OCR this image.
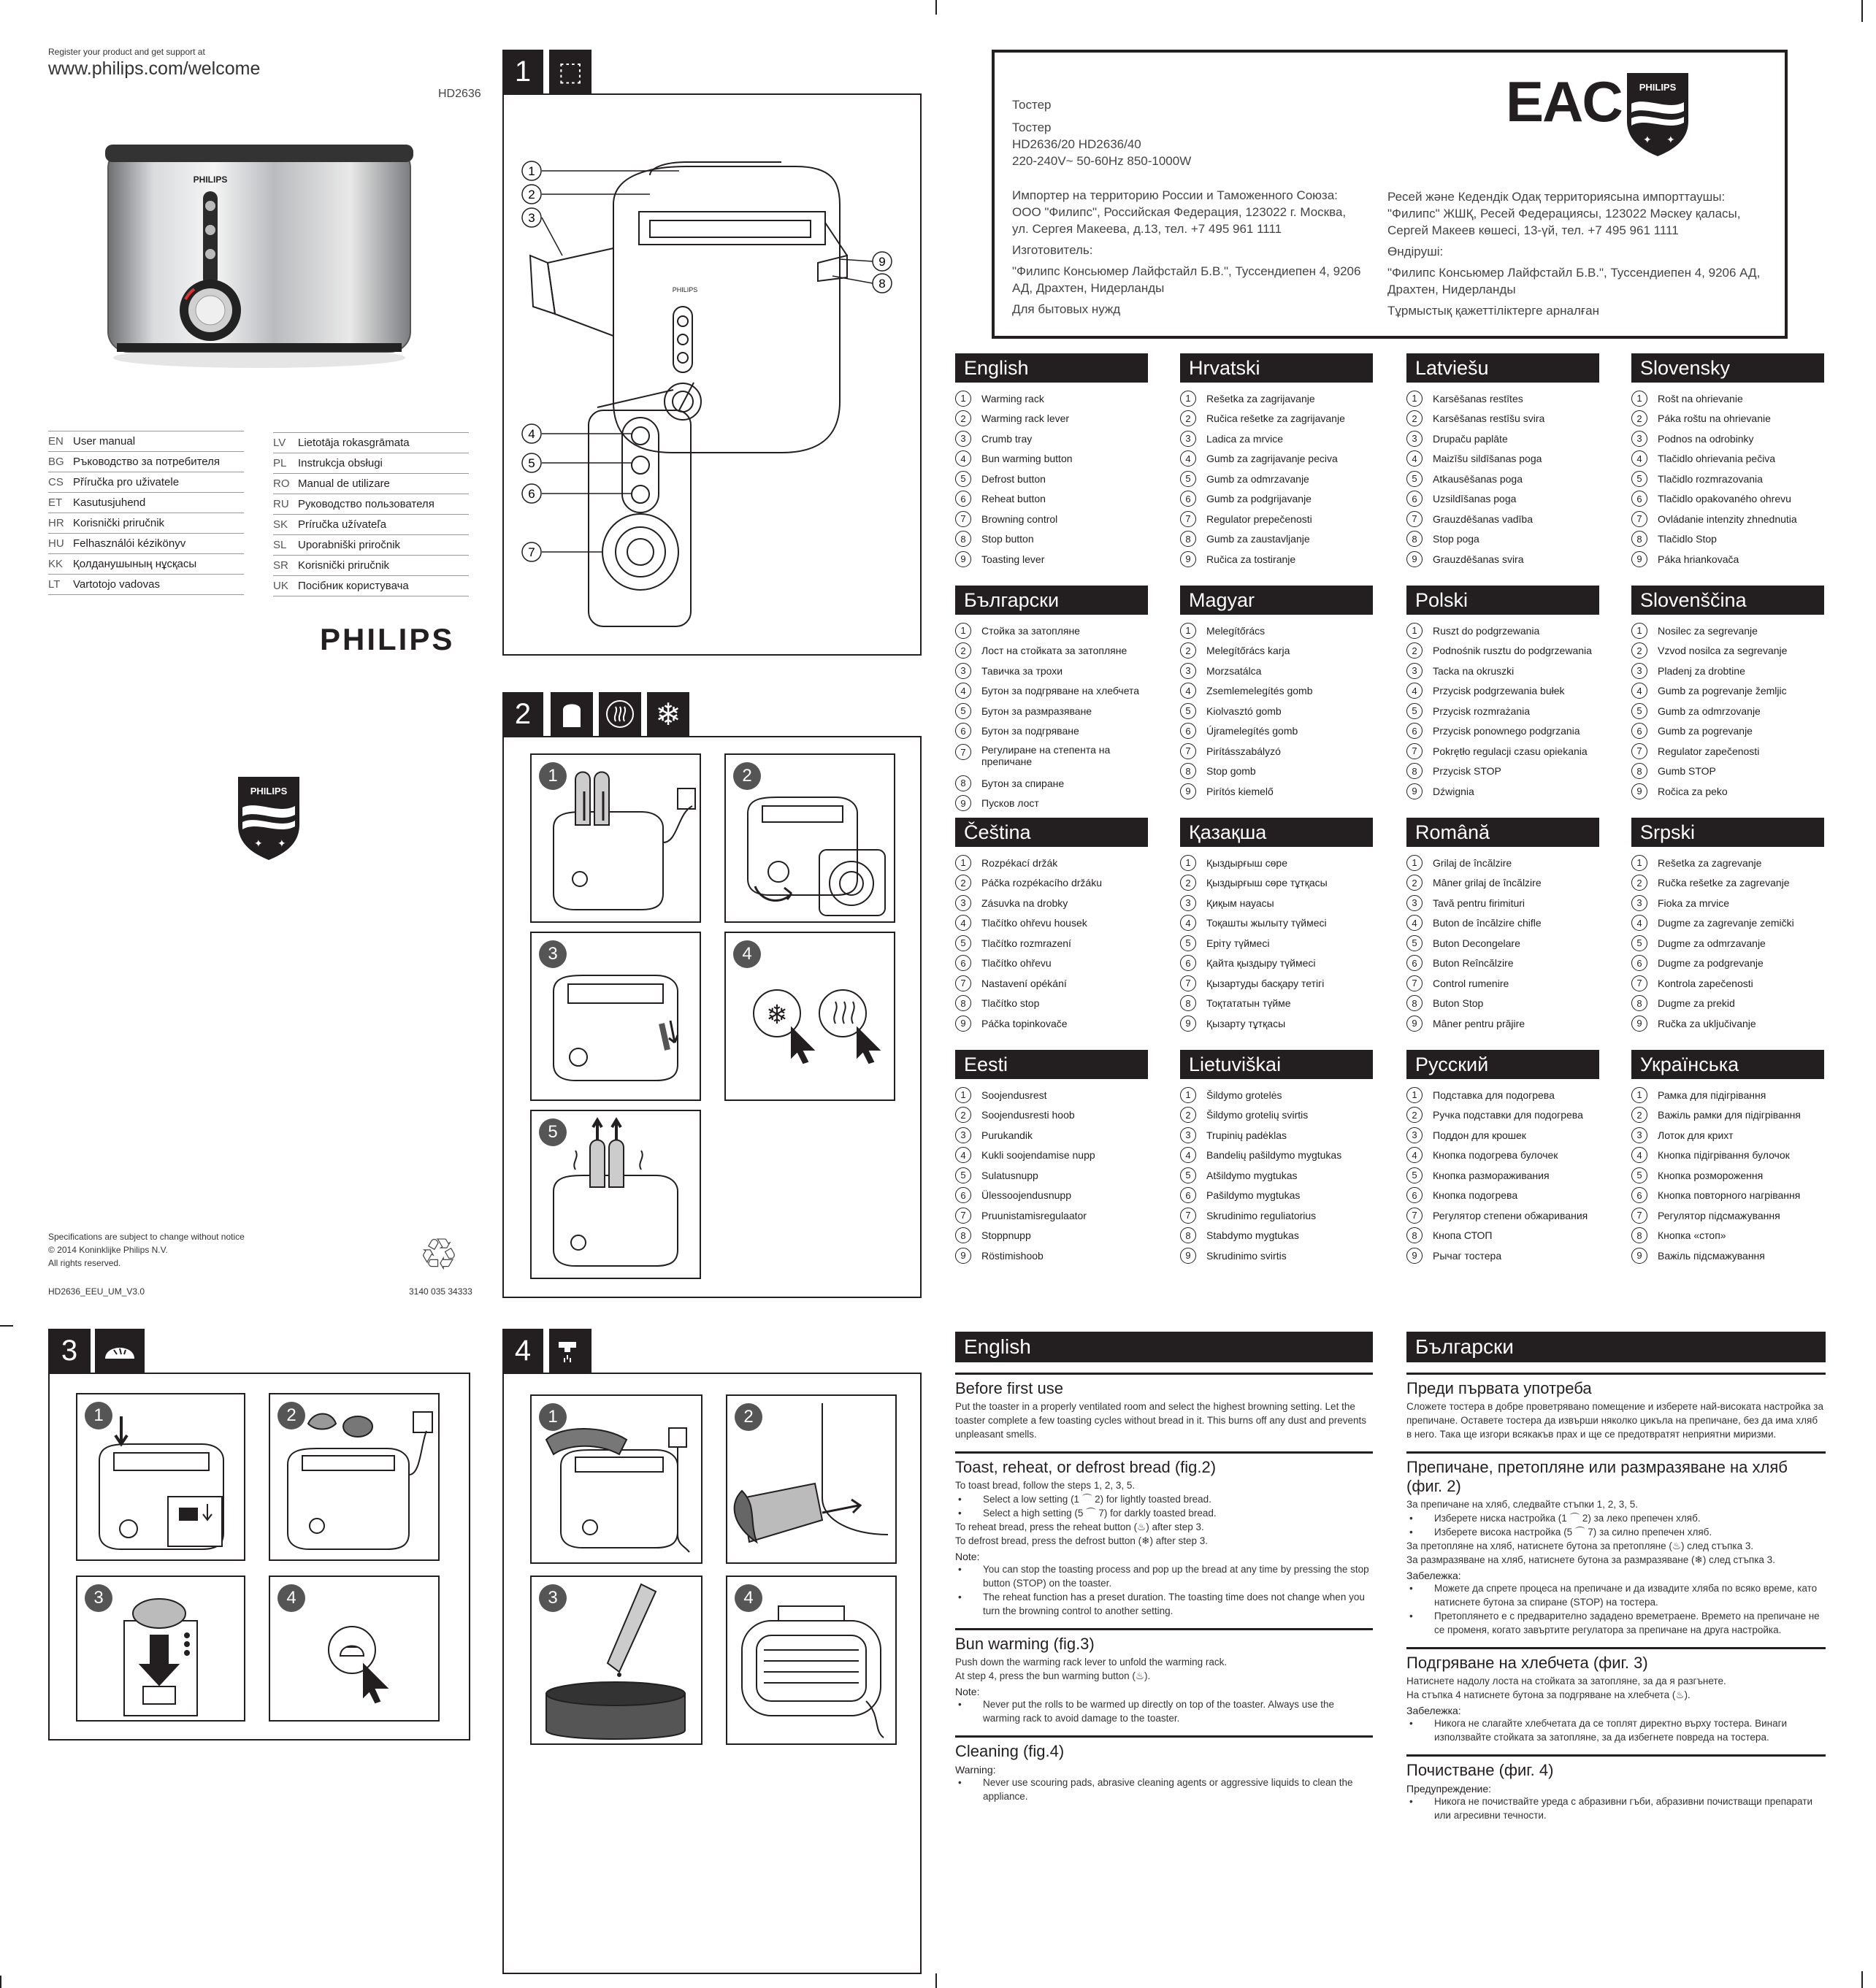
Register your product and get support at
www.philips.com/welcome
HD2636
PHILIPS
EN User manual
BG Ръководство за потребителя
CS Příručka pro uživatele
ET Kasutusjuhend
HR Korisnički priručnik
HU Felhasználói kézikönyv
KK Қолданушының нұсқасы
LT	Vartotojo vadovas
LV	Lietotāja rokasgrāmata
PL	Instrukcja obsługi
RO Manual de utilizare
RU Руководство пользователя
SK Príručka užívateľa
SL	Uporabniški priročnik
SR Korisnički priručnik
UK Посібник користувача
PHILIPS
PHILIPS
✦ ✦
Specifications are subject to change without notice
© 2014 Koninklijke Philips N.V.
All rights reserved.	♲
HD2636_EEU_UM_V3.0	3140 035 34333
1	⬚
1
2
3
4
5
6
7
8
9
PHILIPS
2	❄
1	2
3	4
❄
5
3
1	2
3	4
4
1	2
3	4
Тостер
Тостер
HD2636/20 HD2636/40
220-240V~ 50-60Hz 850-1000W
Импортер на территорию России и Таможенного Союза:
ООО "Филипс", Российская Федерация, 123022 г. Москва,
ул. Сергея Макеева, д.13, тел. +7 495 961 1111
Изготовитель:
"Филипс Консьюмер Лайфстайл Б.В.", Туссендиепен 4, 9206
АД, Драхтен, Нидерланды
Для бытовых нужд
Ресей және Кедендік Одақ территориясына импорттаушы:
"Филипс" ЖШҚ, Ресей Федерациясы, 123022 Мәскеу қаласы,
Сергей Макеев көшесі, 13-үй, тел. +7 495 961 1111
Өндіруші:
"Филипс Консьюмер Лайфстайл Б.В.", Туссендиепен 4, 9206 АД,
Драхтен, Нидерланды
Тұрмыстық қажеттіліктерге арналған
EAC PHILIPS
✦ ✦
English
1	Warming rack
2	Warming rack lever
3	Crumb tray
4	Bun warming button
5	Defrost button
6	Reheat button
7	Browning control
8	Stop button
9	Toasting lever
Hrvatski
1	Rešetka za zagrijavanje
2	Ručica rešetke za zagrijavanje
3	Ladica za mrvice
4	Gumb za zagrijavanje peciva
5	Gumb za odmrzavanje
6	Gumb za podgrijavanje
7	Regulator prepečenosti
8	Gumb za zaustavljanje
9	Ručica za tostiranje
Latviešu
1	Karsēšanas restītes
2	Karsēšanas restīšu svira
3	Drupaču paplāte
4	Maizīšu sildīšanas poga
5	Atkausēšanas poga
6	Uzsildīšanas poga
7	Grauzdēšanas vadība
8	Stop poga
9	Grauzdēšanas svira
Slovensky
1	Rošt na ohrievanie
2	Páka roštu na ohrievanie
3	Podnos na odrobinky
4	Tlačidlo ohrievania pečiva
5	Tlačidlo rozmrazovania
6	Tlačidlo opakovaného ohrevu
7	Ovládanie intenzity zhnednutia
8	Tlačidlo Stop
9	Páka hriankovača
Български
1	Стойка за затопляне
2	Лост на стойката за затопляне
3	Тавичка за трохи
4	Бутон за подгряване на хлебчета
5	Бутон за размразяване
6	Бутон за подгряване
7	Регулиране на степента на препичане
8	Бутон за спиране
9	Пусков лост
Magyar
1	Melegítőrács
2	Melegítőrács karja
3	Morzsatálca
4	Zsemlemelegítés gomb
5	Kiolvasztó gomb
6	Újramelegítés gomb
7	Pirításszabályzó
8	Stop gomb
9	Pirítós kiemelő
Polski
1	Ruszt do podgrzewania
2	Podnośnik rusztu do podgrzewania
3	Tacka na okruszki
4	Przycisk podgrzewania bułek
5	Przycisk rozmrażania
6	Przycisk ponownego podgrzania
7	Pokrętło regulacji czasu opiekania
8	Przycisk STOP
9	Dźwignia
Slovenščina
1	Nosilec za segrevanje
2	Vzvod nosilca za segrevanje
3	Pladenj za drobtine
4	Gumb za pogrevanje žemljic
5	Gumb za odmrzovanje
6	Gumb za pogrevanje
7	Regulator zapečenosti
8	Gumb STOP
9	Ročica za peko
Čeština
1	Rozpékací držák
2	Páčka rozpékacího držáku
3	Zásuvka na drobky
4	Tlačítko ohřevu housek
5	Tlačítko rozmrazení
6	Tlačítko ohřevu
7	Nastavení opékání
8	Tlačítko stop
9	Páčka topinkovače
Қазақша
1	Қыздырғыш сөре
2	Қыздырғыш сөре тұтқасы
3	Қиқым науасы
4	Тоқашты жылыту түймесі
5	Еріту түймесі
6	Қайта қыздыру түймесі
7	Қызартуды басқару тетігі
8	Тоқтататын түйме
9	Қызарту тұтқасы
Română
1	Grilaj de încălzire
2	Mâner grilaj de încălzire
3	Tavă pentru firimituri
4	Buton de încălzire chifle
5	Buton Decongelare
6	Buton Reîncălzire
7	Control rumenire
8	Buton Stop
9	Mâner pentru prăjire
Srpski
1	Rešetka za zagrevanje
2	Ručka rešetke za zagrevanje
3	Fioka za mrvice
4	Dugme za zagrevanje zemički
5	Dugme za odmrzavanje
6	Dugme za podgrevanje
7	Kontrola zapečenosti
8	Dugme za prekid
9	Ručka za uključivanje
Eesti
1	Soojendusrest
2	Soojendusresti hoob
3	Purukandik
4	Kukli soojendamise nupp
5	Sulatusnupp
6	Ülessoojendusnupp
7	Pruunistamisregulaator
8	Stoppnupp
9	Röstimishoob
Lietuviškai
1	Šildymo grotelės
2	Šildymo grotelių svirtis
3	Trupinių padėklas
4	Bandelių pašildymo mygtukas
5	Atšildymo mygtukas
6	Pašildymo mygtukas
7	Skrudinimo reguliatorius
8	Stabdymo mygtukas
9	Skrudinimo svirtis
Русский
1	Подставка для подогрева
2	Ручка подставки для подогрева
3	Поддон для крошек
4	Кнопка подогрева булочек
5	Кнопка размораживания
6	Кнопка подогрева
7	Регулятор степени обжаривания
8	Кнопа СТОП
9	Рычаг тостера
Українська
1	Рамка для підігрівання
2	Важіль рамки для підігрівання
3	Лоток для крихт
4	Кнопка підігрівання булочок
5	Кнопка розмороження
6	Кнопка повторного нагрівання
7	Регулятор підсмажування
8	Кнопка «стоп»
9	Важіль підсмажування
English
Before first use
Put the toaster in a properly ventilated room and select the highest browning setting. Let the toaster complete a few toasting cycles without bread in it. This burns off any dust and prevents unpleasant smells.
Toast, reheat, or defrost bread (fig.2)
To toast bread, follow the steps 1, 2, 3, 5.
•	Select a low setting (1 ⌒ 2) for lightly toasted bread.
•	Select a high setting (5 ⌒ 7) for darkly toasted bread.
To reheat bread, press the reheat button (♨) after step 3.
To defrost bread, press the defrost button (❄) after step 3.
Note:
•	You can stop the toasting process and pop up the bread at any time by pressing the stop button (STOP) on the toaster.
•	The reheat function has a preset duration. The toasting time does not change when you turn the browning control to another setting.
Bun warming (fig.3)
Push down the warming rack lever to unfold the warming rack.
At step 4, press the bun warming button (♨).
Note:
•	Never put the rolls to be warmed up directly on top of the toaster. Always use the warming rack to avoid damage to the toaster.
Cleaning (fig.4)
Warning:
•	Never use scouring pads, abrasive cleaning agents or aggressive liquids to clean the appliance.
Български
Преди първата употреба
Сложете тостера в добре проветрявано помещение и изберете най-високата настройка за препичане. Оставете тостера да извърши няколко цикъла на препичане, без да има хляб в него. Така ще изгори всякакъв прах и ще се предотвратят неприятни миризми.
Препичане, претопляне или размразяване на хляб (фиг. 2)
За препичане на хляб, следвайте стъпки 1, 2, 3, 5.
•	Изберете ниска настройка (1 ⌒ 2) за леко препечен хляб.
•	Изберете висока настройка (5 ⌒ 7) за силно препечен хляб.
За претопляне на хляб, натиснете бутона за претопляне (♨) след стъпка 3.
За размразяване на хляб, натиснете бутона за размразяване (❄) след стъпка 3.
Забележка:
•	Можете да спрете процеса на препичане и да извадите хляба по всяко време, като натиснете бутона за спиране (STOP) на тостера.
•	Претоплянето е с предварително зададено времетраене. Времето на препичане не се променя, когато завъртите регулатора за препичане на друга настройка.
Подгряване на хлебчета (фиг. 3)
Натиснете надолу лоста на стойката за затопляне, за да я разгънете.
На стъпка 4 натиснете бутона за подгряване на хлебчета (♨).
Забележка:
•	Никога не слагайте хлебчетата да се топлят директно върху тостера. Винаги използвайте стойката за затопляне, за да избегнете повреда на тостера.
Почистване (фиг. 4)
Предупреждение:
•	Никога не почиствайте уреда с абразивни гъби, абразивни почистващи препарати или агресивни течности.
